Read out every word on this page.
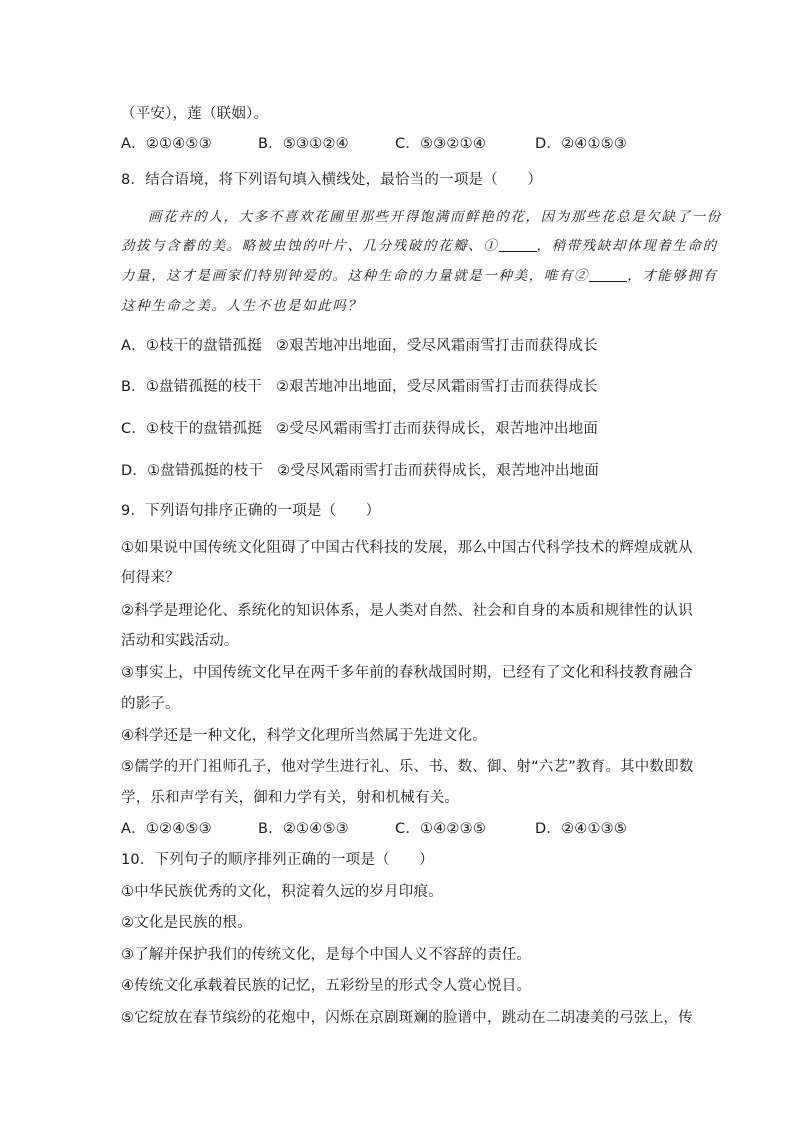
（平安），莲（联姻）。
A．②①④⑤③	B．⑤③①②④	C．⑤③②①④	D．②④①⑤③
8．结合语境，将下列语句填入横线处，最恰当的一项是（　　）
画花卉的人，大多不喜欢花圃里那些开得饱满而鲜艳的花，因为那些花总是欠缺了一份
劲拔与含蓄的美。略被虫蚀的叶片、几分残破的花瓣、①	，稍带残缺却体现着生命的
力量，这才是画家们特别钟爱的。这种生命的力量就是一种美，唯有②	，才能够拥有
这种生命之美。人生不也是如此吗？
A．①枝干的盘错孤挺 ②艰苦地冲出地面，受尽风霜雨雪打击而获得成长
B．①盘错孤挺的枝干 ②艰苦地冲出地面，受尽风霜雨雪打击而获得成长
C．①枝干的盘错孤挺 ②受尽风霜雨雪打击而获得成长，艰苦地冲出地面
D．①盘错孤挺的枝干 ②受尽风霜雨雪打击而获得成长，艰苦地冲出地面
9．下列语句排序正确的一项是（　　）
①如果说中国传统文化阻碍了中国古代科技的发展，那么中国古代科学技术的辉煌成就从
何得来？
②科学是理论化、系统化的知识体系，是人类对自然、社会和自身的本质和规律性的认识
活动和实践活动。
③事实上，中国传统文化早在两千多年前的春秋战国时期，已经有了文化和科技教育融合
的影子。
④科学还是一种文化，科学文化理所当然属于先进文化。
⑤儒学的开门祖师孔子，他对学生进行礼、乐、书、数、御、射“六艺”教育。其中数即数
学，乐和声学有关，御和力学有关，射和机械有关。
A．①②④⑤③	B．②①④⑤③	C．①④②③⑤	D．②④①③⑤
10．下列句子的顺序排列正确的一项是（　　）
①中华民族优秀的文化，积淀着久远的岁月印痕。
②文化是民族的根。
③了解并保护我们的传统文化，是每个中国人义不容辞的责任。
④传统文化承载着民族的记忆，五彩纷呈的形式令人赏心悦目。
⑤它绽放在春节缤纷的花炮中，闪烁在京剧斑斓的脸谱中，跳动在二胡凄美的弓弦上，传
